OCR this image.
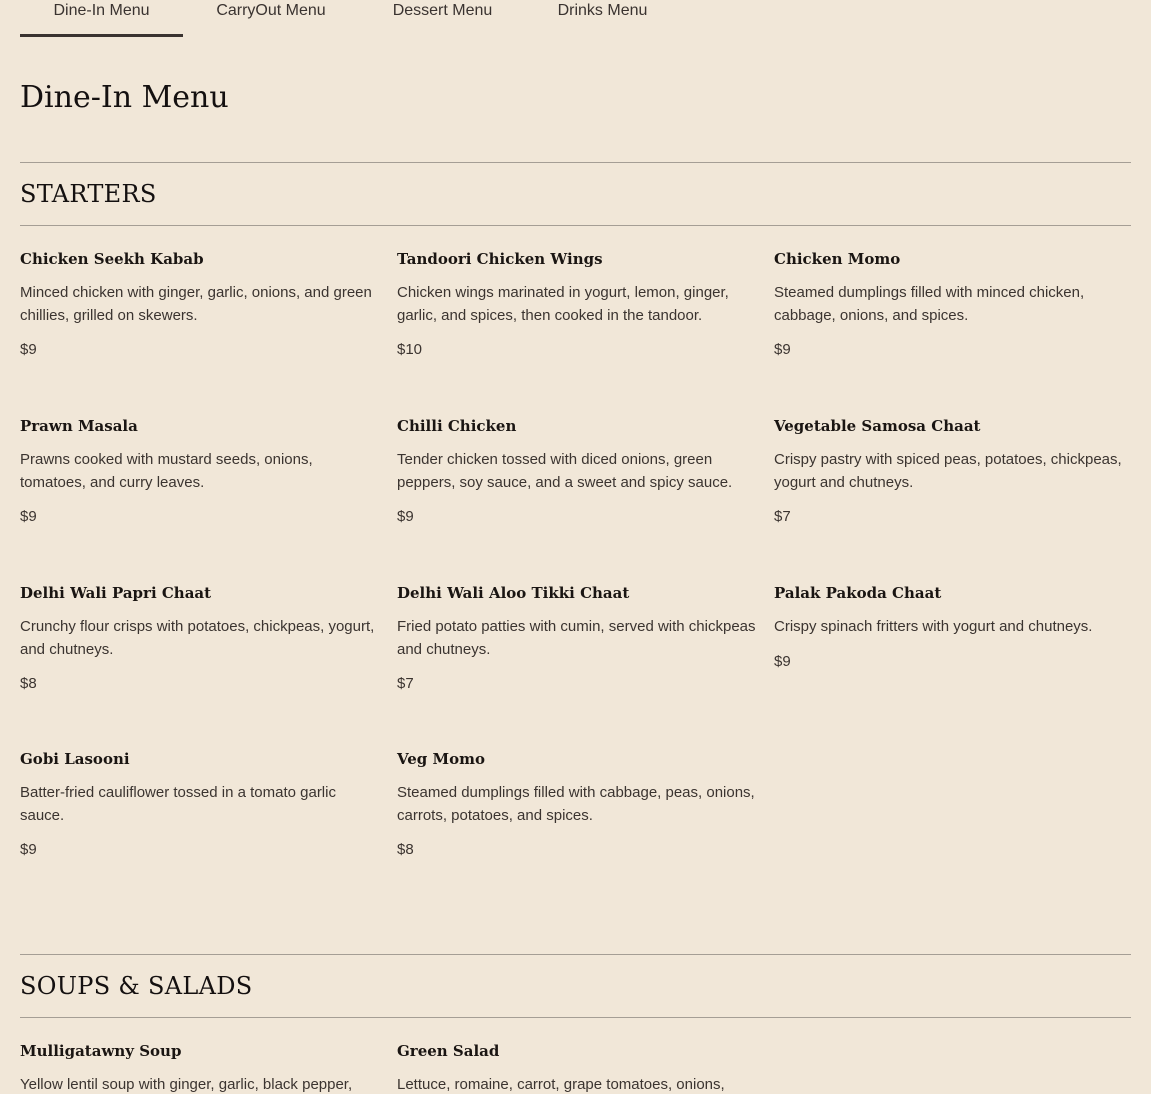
Dine-In Menu	CarryOut Menu	Dessert Menu	Drinks Menu
Dine-In Menu
STARTERS
Chicken Seekh Kabab
Minced chicken with ginger, garlic, onions, and green chillies, grilled on skewers.
$9
Tandoori Chicken Wings
Chicken wings marinated in yogurt, lemon, ginger, garlic, and spices, then cooked in the tandoor.
$10
Chicken Momo
Steamed dumplings filled with minced chicken, cabbage, onions, and spices.
$9
Prawn Masala
Prawns cooked with mustard seeds, onions, tomatoes, and curry leaves.
$9
Chilli Chicken
Tender chicken tossed with diced onions, green peppers, soy sauce, and a sweet and spicy sauce.
$9
Vegetable Samosa Chaat
Crispy pastry with spiced peas, potatoes, chickpeas, yogurt and chutneys.
$7
Delhi Wali Papri Chaat
Crunchy flour crisps with potatoes, chickpeas, yogurt, and chutneys.
$8
Delhi Wali Aloo Tikki Chaat
Fried potato patties with cumin, served with chickpeas and chutneys.
$7
Palak Pakoda Chaat
Crispy spinach fritters with yogurt and chutneys.
$9
Gobi Lasooni
Batter-fried cauliflower tossed in a tomato garlic sauce.
$9
Veg Momo
Steamed dumplings filled with cabbage, peas, onions, carrots, potatoes, and spices.
$8
SOUPS & SALADS
Mulligatawny Soup
Yellow lentil soup with ginger, garlic, black pepper,
Green Salad
Lettuce, romaine, carrot, grape tomatoes, onions,
